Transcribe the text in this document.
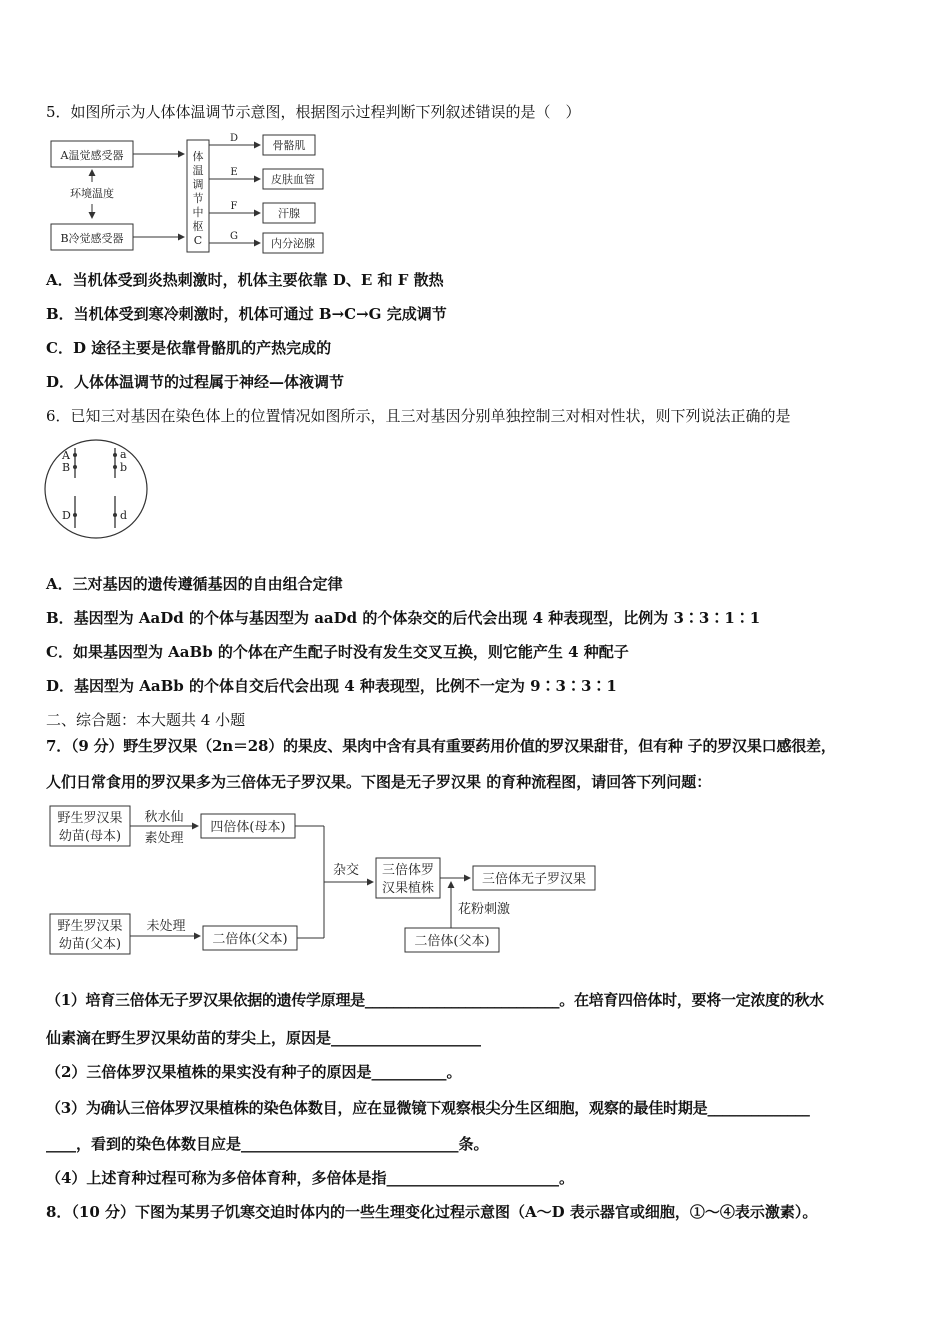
5．如图所示为人体体温调节示意图，根据图示过程判断下列叙述错误的是（　）
A温觉感受器
环境温度
B冷觉感受器
体
温
调
节
中
枢
C
D
E
F
G
骨骼肌
皮肤血管
汗腺
内分泌腺
A．当机体受到炎热刺激时，机体主要依靠 D、E 和 F 散热
B．当机体受到寒冷刺激时，机体可通过 B→C→G 完成调节
C．D 途径主要是依靠骨骼肌的产热完成的
D．人体体温调节的过程属于神经—体液调节
6．已知三对基因在染色体上的位置情况如图所示，且三对基因分别单独控制三对相对性状，则下列说法正确的是
A
B
D
a
b
d
A．三对基因的遗传遵循基因的自由组合定律
B．基因型为 AaDd 的个体与基因型为 aaDd 的个体杂交的后代会出现 4 种表现型，比例为 3∶3∶1∶1
C．如果基因型为 AaBb 的个体在产生配子时没有发生交叉互换，则它能产生 4 种配子
D．基因型为 AaBb 的个体自交后代会出现 4 种表现型，比例不一定为 9∶3∶3∶1
二、综合题：本大题共 4 小题
7．（9 分）野生罗汉果（2n＝28）的果皮、果肉中含有具有重要药用价值的罗汉果甜苷，但有种 子的罗汉果口感很差，
人们日常食用的罗汉果多为三倍体无子罗汉果。下图是无子罗汉果 的育种流程图，请回答下列问题：
野生罗汉果
幼苗(母本)
秋水仙
素处理
四倍体(母本)
野生罗汉果
幼苗(父本)
未处理
二倍体(父本)
杂交 三倍体罗
汉果植株
三倍体无子罗汉果
花粉刺激
二倍体(父本)
（1）培育三倍体无子罗汉果依据的遗传学原理是___________________________。在培育四倍体时，要将一定浓度的秋水
仙素滴在野生罗汉果幼苗的芽尖上，原因是____________________
（2）三倍体罗汉果植株的果实没有种子的原因是__________。
（3）为确认三倍体罗汉果植株的染色体数目，应在显微镜下观察根尖分生区细胞，观察的最佳时期是______________
____，看到的染色体数目应是_____________________________条。
（4）上述育种过程可称为多倍体育种，多倍体是指_______________________。
8．（10 分）下图为某男子饥寒交迫时体内的一些生理变化过程示意图（A～D 表示器官或细胞，①～④表示激素）。
